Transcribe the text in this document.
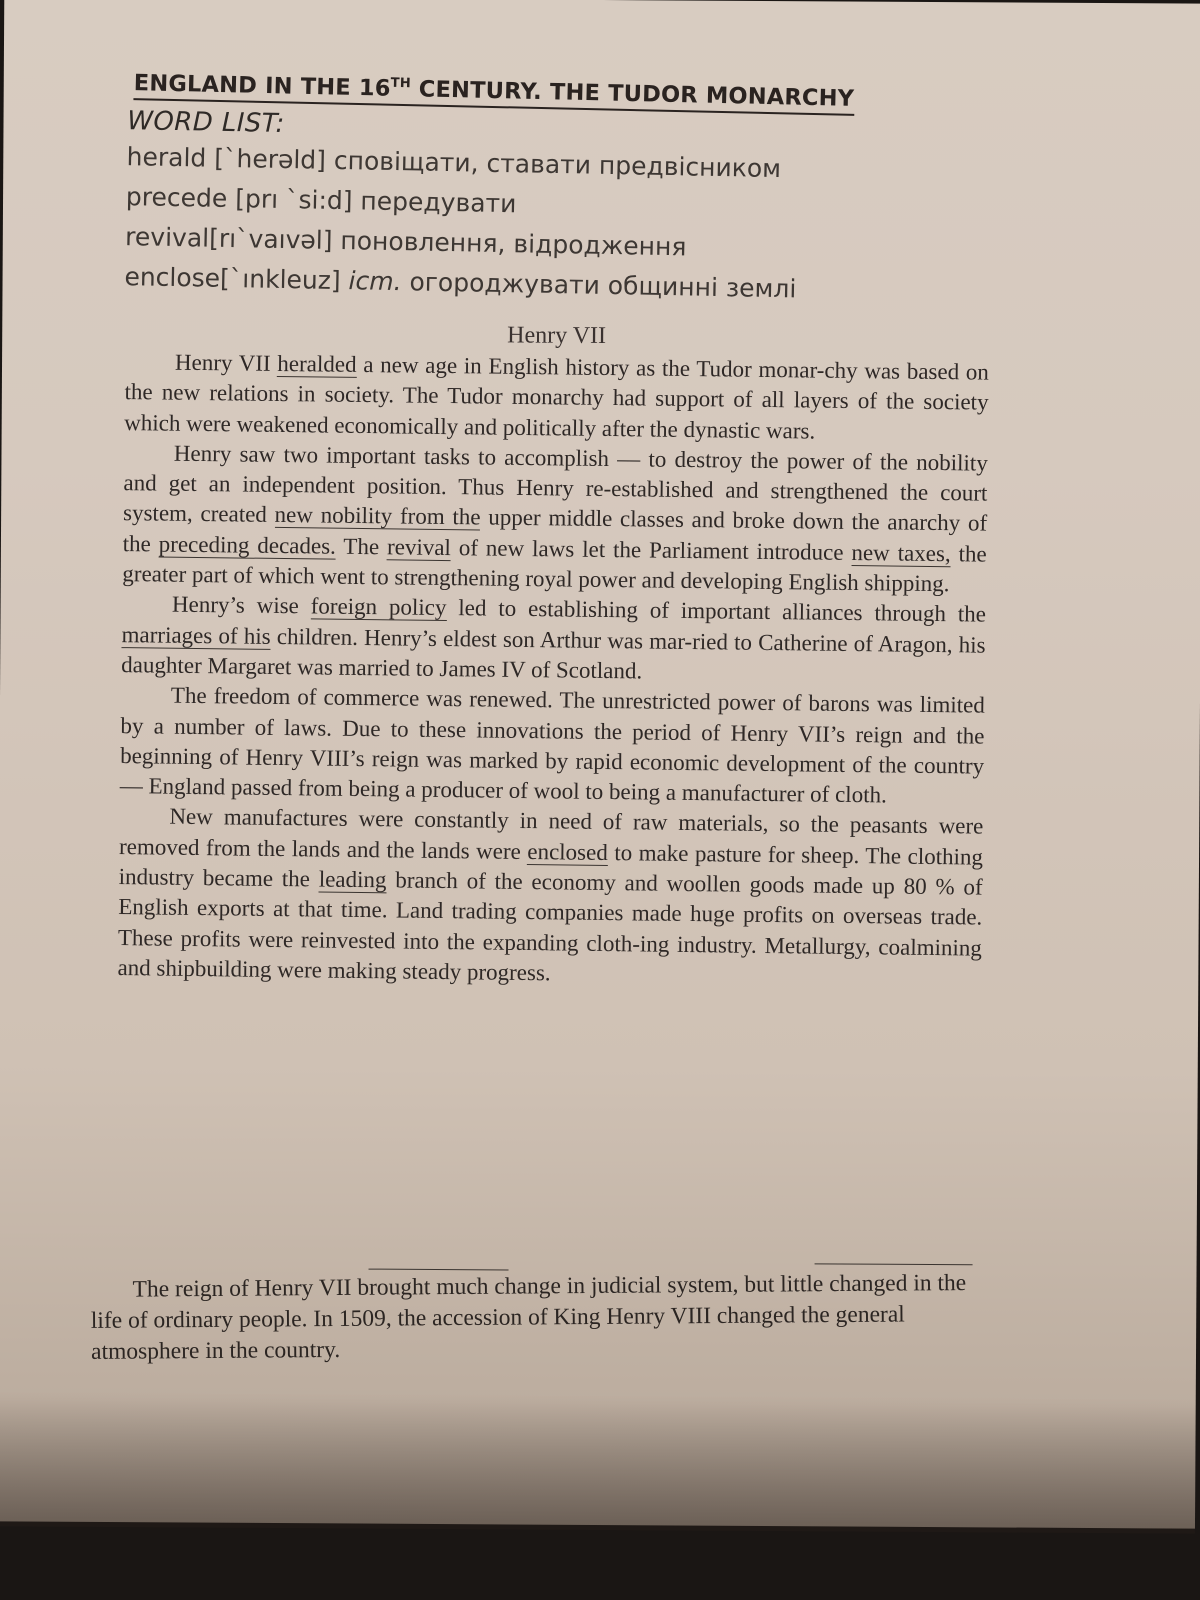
ENGLAND IN THE 16TH CENTURY. THE TUDOR MONARCHY
WORD LIST:
herald [`herəld] сповіщати, ставати предвісником
precede [prı `si:d] передувати
revival[rı`vaıvəl] поновлення, відродження
enclose[`ınkleuz] icm. огороджувати общинні землі
Henry VII

Henry VII heralded a new age in English history as the Tudor monar-chy was based on the new relations in society. The Tudor monarchy had support of all layers of the society which were weakened economically and politically after the dynastic wars.

Henry saw two important tasks to accomplish — to destroy the power of the nobility and get an independent position. Thus Henry re-established and strengthened the court system, created new nobility from the upper middle classes and broke down the anarchy of the preceding decades. The revival of new laws let the Parliament introduce new taxes, the greater part of which went to strengthening royal power and developing English shipping.

Henry’s wise foreign policy led to establishing of important alliances through the marriages of his children. Henry’s eldest son Arthur was mar-ried to Catherine of Aragon, his daughter Margaret was married to James IV of Scotland.

The freedom of commerce was renewed. The unrestricted power of barons was limited by a number of laws. Due to these innovations the period of Henry VII’s reign and the beginning of Henry VIII’s reign was marked by rapid economic development of the country — England passed from being a producer of wool to being a manufacturer of cloth.

New manufactures were constantly in need of raw materials, so the peasants were removed from the lands and the lands were enclosed to make pasture for sheep. The clothing industry became the leading branch of the economy and woollen goods made up 80 % of English exports at that time. Land trading companies made huge profits on overseas trade. These profits were reinvested into the expanding cloth-ing industry. Metallurgy, coalmining and shipbuilding were making steady progress.

The reign of Henry VII brought much change in judicial system, but little changed in the life of ordinary people. In 1509, the accession of King Henry VIII changed the general atmosphere in the country.
